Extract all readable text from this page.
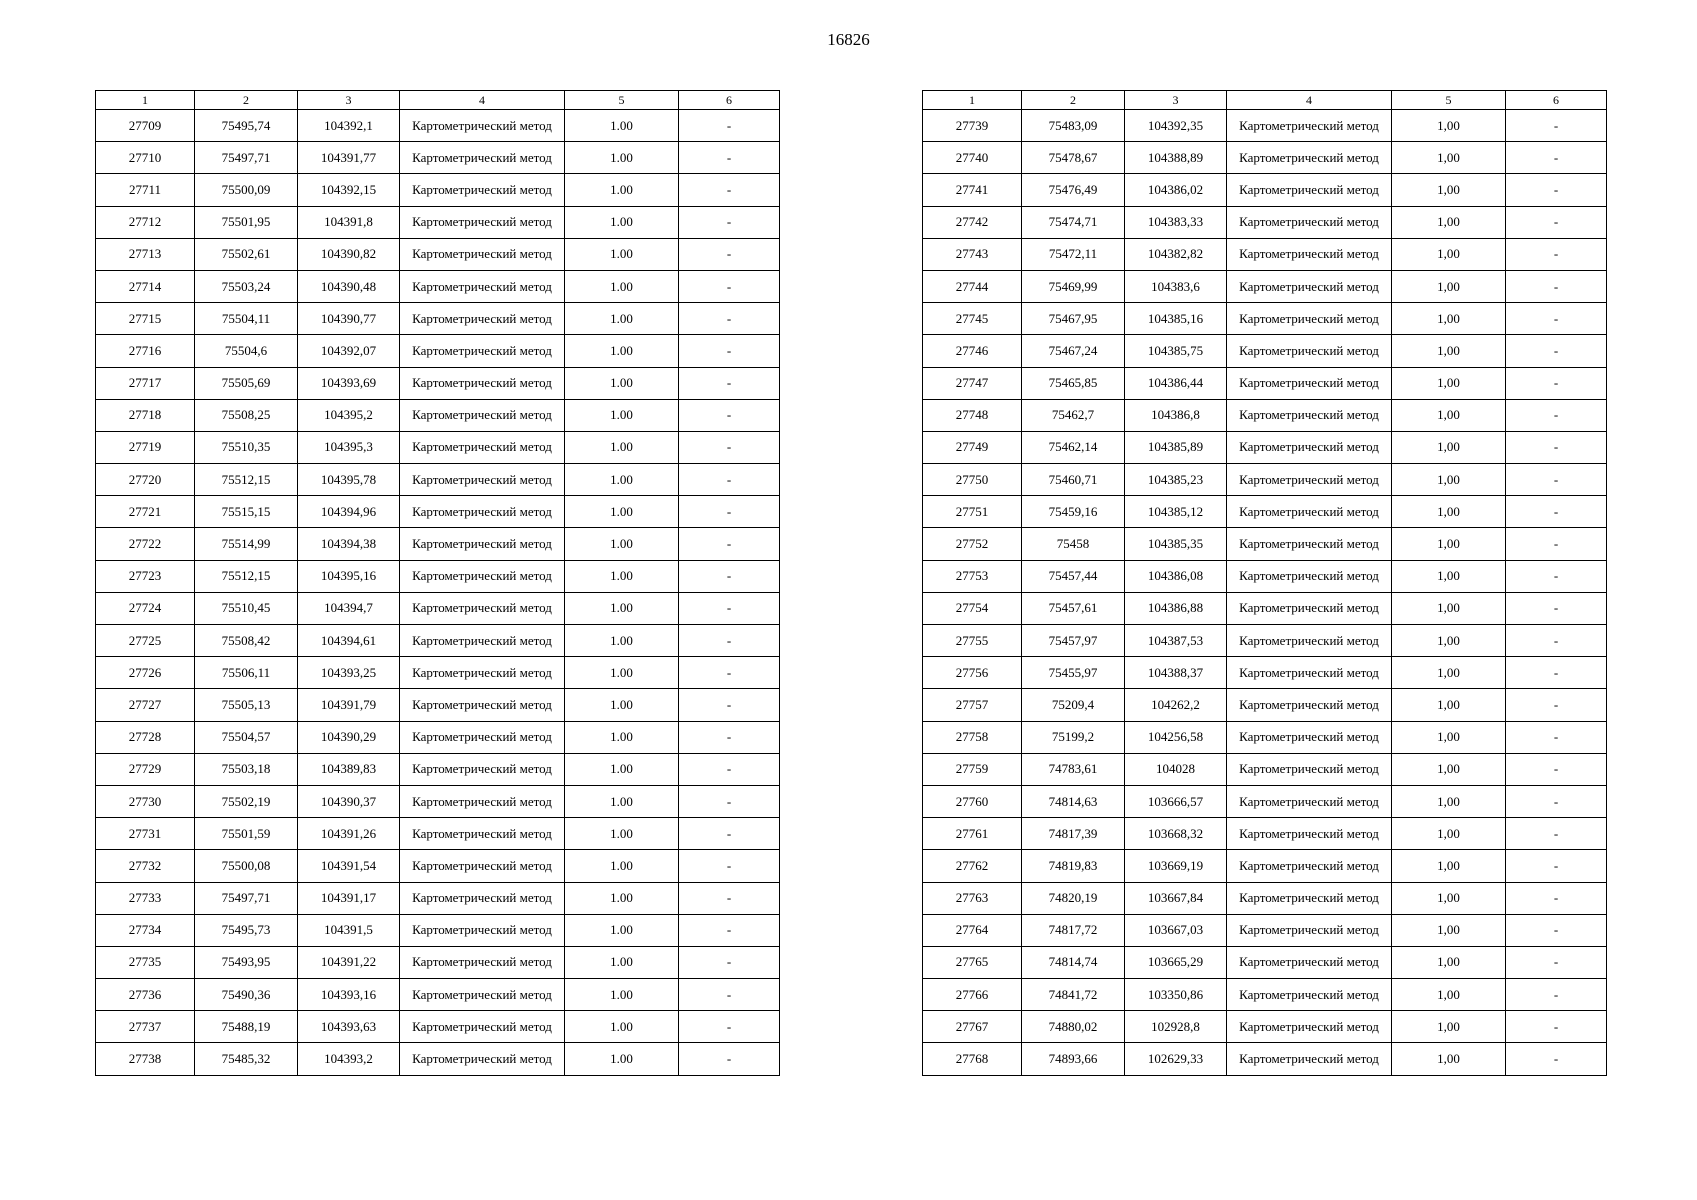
16826
1	2	3	4	5	6
27709	75495,74	104392,1	Картометрический метод	1.00	-
27710	75497,71	104391,77	Картометрический метод	1.00	-
27711	75500,09	104392,15	Картометрический метод	1.00	-
27712	75501,95	104391,8	Картометрический метод	1.00	-
27713	75502,61	104390,82	Картометрический метод	1.00	-
27714	75503,24	104390,48	Картометрический метод	1.00	-
27715	75504,11	104390,77	Картометрический метод	1.00	-
27716	75504,6	104392,07	Картометрический метод	1.00	-
27717	75505,69	104393,69	Картометрический метод	1.00	-
27718	75508,25	104395,2	Картометрический метод	1.00	-
27719	75510,35	104395,3	Картометрический метод	1.00	-
27720	75512,15	104395,78	Картометрический метод	1.00	-
27721	75515,15	104394,96	Картометрический метод	1.00	-
27722	75514,99	104394,38	Картометрический метод	1.00	-
27723	75512,15	104395,16	Картометрический метод	1.00	-
27724	75510,45	104394,7	Картометрический метод	1.00	-
27725	75508,42	104394,61	Картометрический метод	1.00	-
27726	75506,11	104393,25	Картометрический метод	1.00	-
27727	75505,13	104391,79	Картометрический метод	1.00	-
27728	75504,57	104390,29	Картометрический метод	1.00	-
27729	75503,18	104389,83	Картометрический метод	1.00	-
27730	75502,19	104390,37	Картометрический метод	1.00	-
27731	75501,59	104391,26	Картометрический метод	1.00	-
27732	75500,08	104391,54	Картометрический метод	1.00	-
27733	75497,71	104391,17	Картометрический метод	1.00	-
27734	75495,73	104391,5	Картометрический метод	1.00	-
27735	75493,95	104391,22	Картометрический метод	1.00	-
27736	75490,36	104393,16	Картометрический метод	1.00	-
27737	75488,19	104393,63	Картометрический метод	1.00	-
27738	75485,32	104393,2	Картометрический метод	1.00	-
1	2	3	4	5	6
27739	75483,09	104392,35	Картометрический метод	1,00	-
27740	75478,67	104388,89	Картометрический метод	1,00	-
27741	75476,49	104386,02	Картометрический метод	1,00	-
27742	75474,71	104383,33	Картометрический метод	1,00	-
27743	75472,11	104382,82	Картометрический метод	1,00	-
27744	75469,99	104383,6	Картометрический метод	1,00	-
27745	75467,95	104385,16	Картометрический метод	1,00	-
27746	75467,24	104385,75	Картометрический метод	1,00	-
27747	75465,85	104386,44	Картометрический метод	1,00	-
27748	75462,7	104386,8	Картометрический метод	1,00	-
27749	75462,14	104385,89	Картометрический метод	1,00	-
27750	75460,71	104385,23	Картометрический метод	1,00	-
27751	75459,16	104385,12	Картометрический метод	1,00	-
27752	75458	104385,35	Картометрический метод	1,00	-
27753	75457,44	104386,08	Картометрический метод	1,00	-
27754	75457,61	104386,88	Картометрический метод	1,00	-
27755	75457,97	104387,53	Картометрический метод	1,00	-
27756	75455,97	104388,37	Картометрический метод	1,00	-
27757	75209,4	104262,2	Картометрический метод	1,00	-
27758	75199,2	104256,58	Картометрический метод	1,00	-
27759	74783,61	104028	Картометрический метод	1,00	-
27760	74814,63	103666,57	Картометрический метод	1,00	-
27761	74817,39	103668,32	Картометрический метод	1,00	-
27762	74819,83	103669,19	Картометрический метод	1,00	-
27763	74820,19	103667,84	Картометрический метод	1,00	-
27764	74817,72	103667,03	Картометрический метод	1,00	-
27765	74814,74	103665,29	Картометрический метод	1,00	-
27766	74841,72	103350,86	Картометрический метод	1,00	-
27767	74880,02	102928,8	Картометрический метод	1,00	-
27768	74893,66	102629,33	Картометрический метод	1,00	-
